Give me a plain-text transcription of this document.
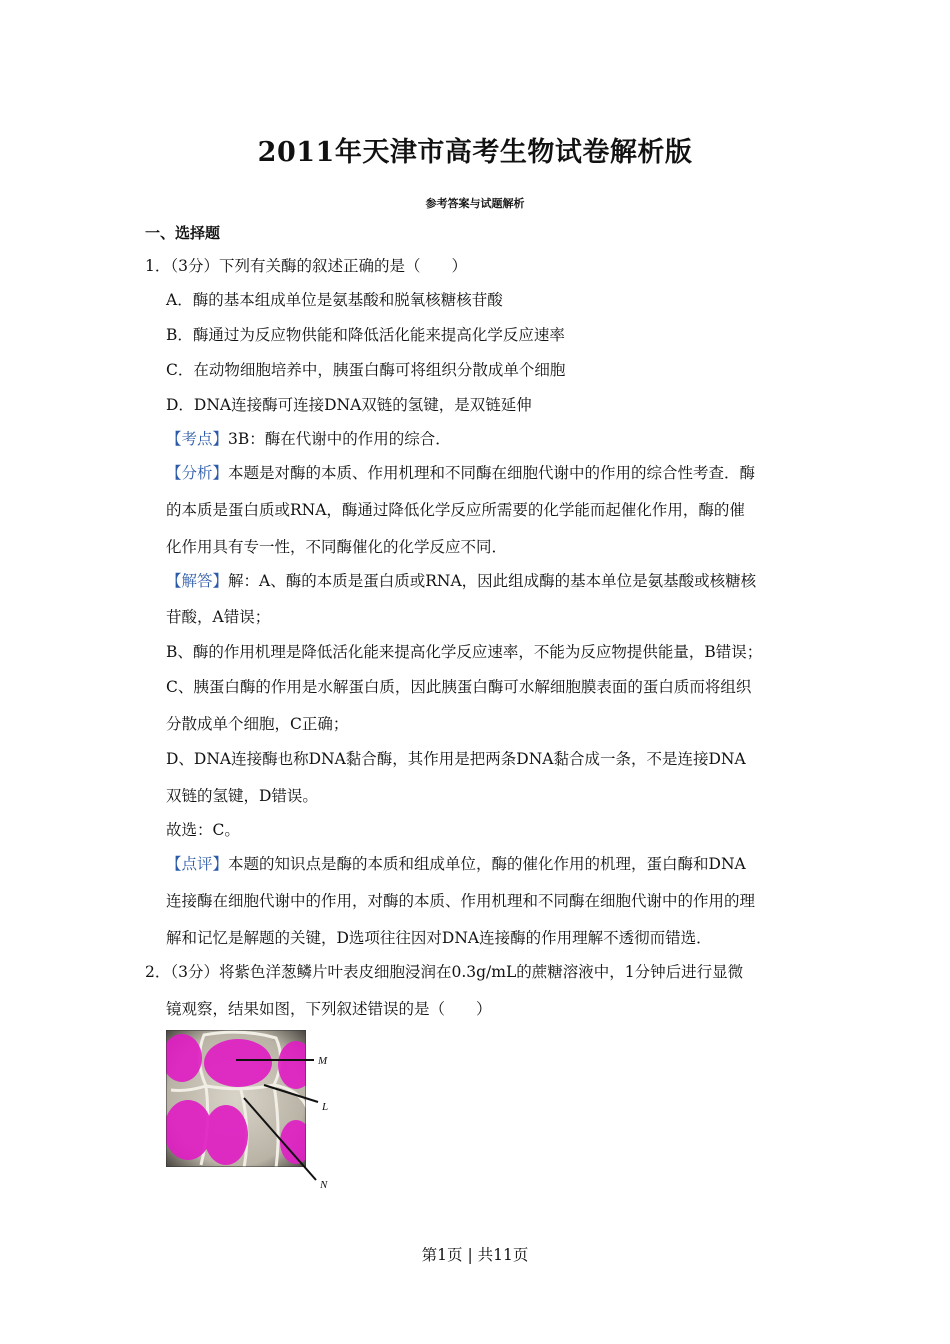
2011年天津市高考生物试卷解析版
参考答案与试题解析
一、选择题
1．（3分）下列有关酶的叙述正确的是（　　）
A．酶的基本组成单位是氨基酸和脱氧核糖核苷酸
B．酶通过为反应物供能和降低活化能来提高化学反应速率
C．在动物细胞培养中，胰蛋白酶可将组织分散成单个细胞
D．DNA连接酶可连接DNA双链的氢键，是双链延伸
【考点】3B：酶在代谢中的作用的综合．
【分析】本题是对酶的本质、作用机理和不同酶在细胞代谢中的作用的综合性考查．酶
的本质是蛋白质或RNA，酶通过降低化学反应所需要的化学能而起催化作用，酶的催
化作用具有专一性，不同酶催化的化学反应不同．
【解答】解：A、酶的本质是蛋白质或RNA，因此组成酶的基本单位是氨基酸或核糖核
苷酸，A错误；
B、酶的作用机理是降低活化能来提高化学反应速率，不能为反应物提供能量，B错误；
C、胰蛋白酶的作用是水解蛋白质，因此胰蛋白酶可水解细胞膜表面的蛋白质而将组织
分散成单个细胞，C正确；
D、DNA连接酶也称DNA黏合酶，其作用是把两条DNA黏合成一条，不是连接DNA
双链的氢键，D错误。
故选：C。
【点评】本题的知识点是酶的本质和组成单位，酶的催化作用的机理，蛋白酶和DNA
连接酶在细胞代谢中的作用，对酶的本质、作用机理和不同酶在细胞代谢中的作用的理
解和记忆是解题的关键，D选项往往因对DNA连接酶的作用理解不透彻而错选．
2．（3分）将紫色洋葱鳞片叶表皮细胞浸润在0.3g/mL的蔗糖溶液中，1分钟后进行显微
镜观察，结果如图，下列叙述错误的是（　　）
M
L
N
第1页 | 共11页
